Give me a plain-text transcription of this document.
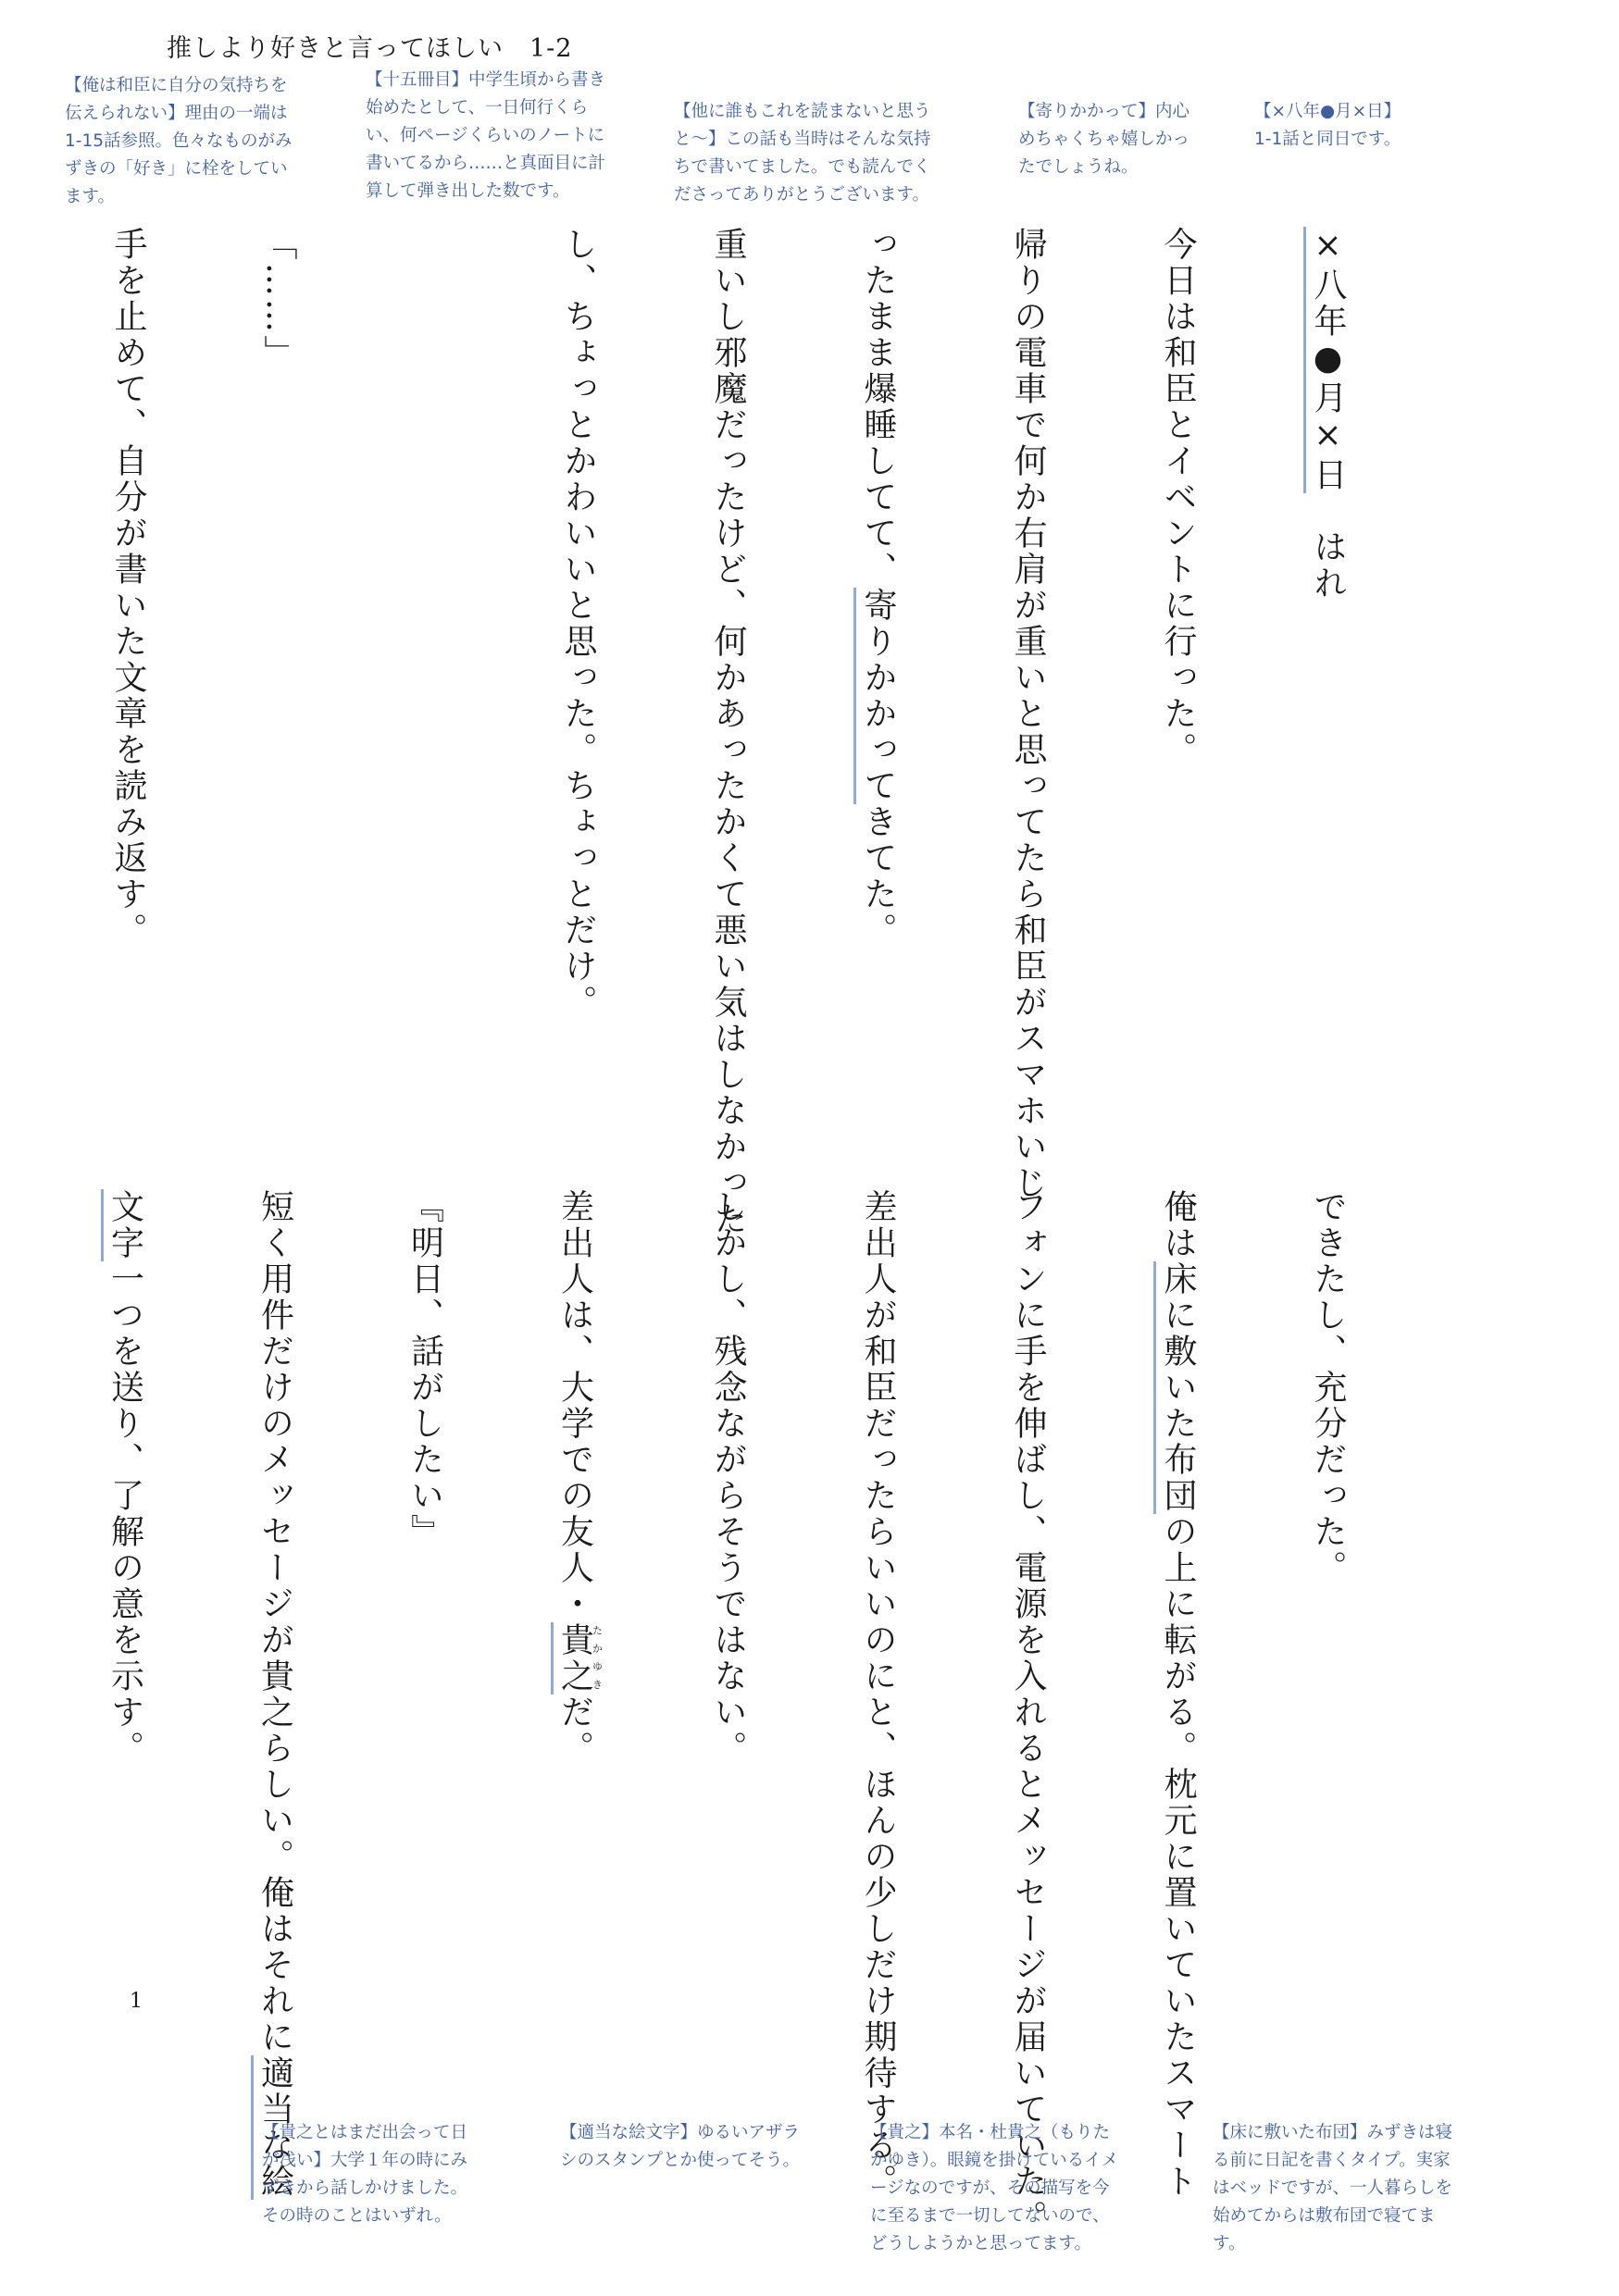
推しより好きと言ってほしい　1-2
【俺は和臣に自分の気持ちを
伝えられない】理由の一端は
1-15話参照。色々なものがみ
ずきの「好き」に栓をしてい
ます。
【十五冊目】中学生頃から書き
始めたとして、一日何行くら
い、何ページくらいのノートに
書いてるから……と真面目に計
算して弾き出した数です。
【他に誰もこれを読まないと思う
と～】この話も当時はそんな気持
ちで書いてました。でも読んでく
ださってありがとうございます。
【寄りかかって】内心
めちゃくちゃ嬉しかっ
たでしょうね。
【×八年●月×日】
1-1話と同日です。

×八年●月×日　はれ

今日は和臣とイベントに行った。

帰りの電車で何か右肩が重いと思ってたら和臣がスマホいじ

ったまま爆睡してて、寄りかかってきてた。

重いし邪魔だったけど、何かあったかくて悪い気はしなかった

し、ちょっとかわいいと思った。ちょっとだけ。

「……」

手を止めて、自分が書いた文章を読み返す。

できたし、充分だった。

俺は床に敷いた布団の上に転がる。枕元に置いていたスマート

フォンに手を伸ばし、電源を入れるとメッセージが届いていた。

差出人が和臣だったらいいのにと、ほんの少しだけ期待する。

しかし、残念ながらそうではない。

差出人は、大学での友人・貴之たかゆきだ。

『明日、話がしたい』

短く用件だけのメッセージが貴之らしい。俺はそれに適当な絵

文字一つを送り、了解の意を示す。

1
【貴之とはまだ出会って日
が浅い】大学１年の時にみ
ずきから話しかけました。
その時のことはいずれ。
【適当な絵文字】ゆるいアザラ
シのスタンプとか使ってそう。
【貴之】本名・杜貴之（もりた
かゆき）。眼鏡を掛けているイメ
ージなのですが、その描写を今
に至るまで一切してないので、
どうしようかと思ってます。
【床に敷いた布団】みずきは寝
る前に日記を書くタイプ。実家
はベッドですが、一人暮らしを
始めてからは敷布団で寝てま
す。
